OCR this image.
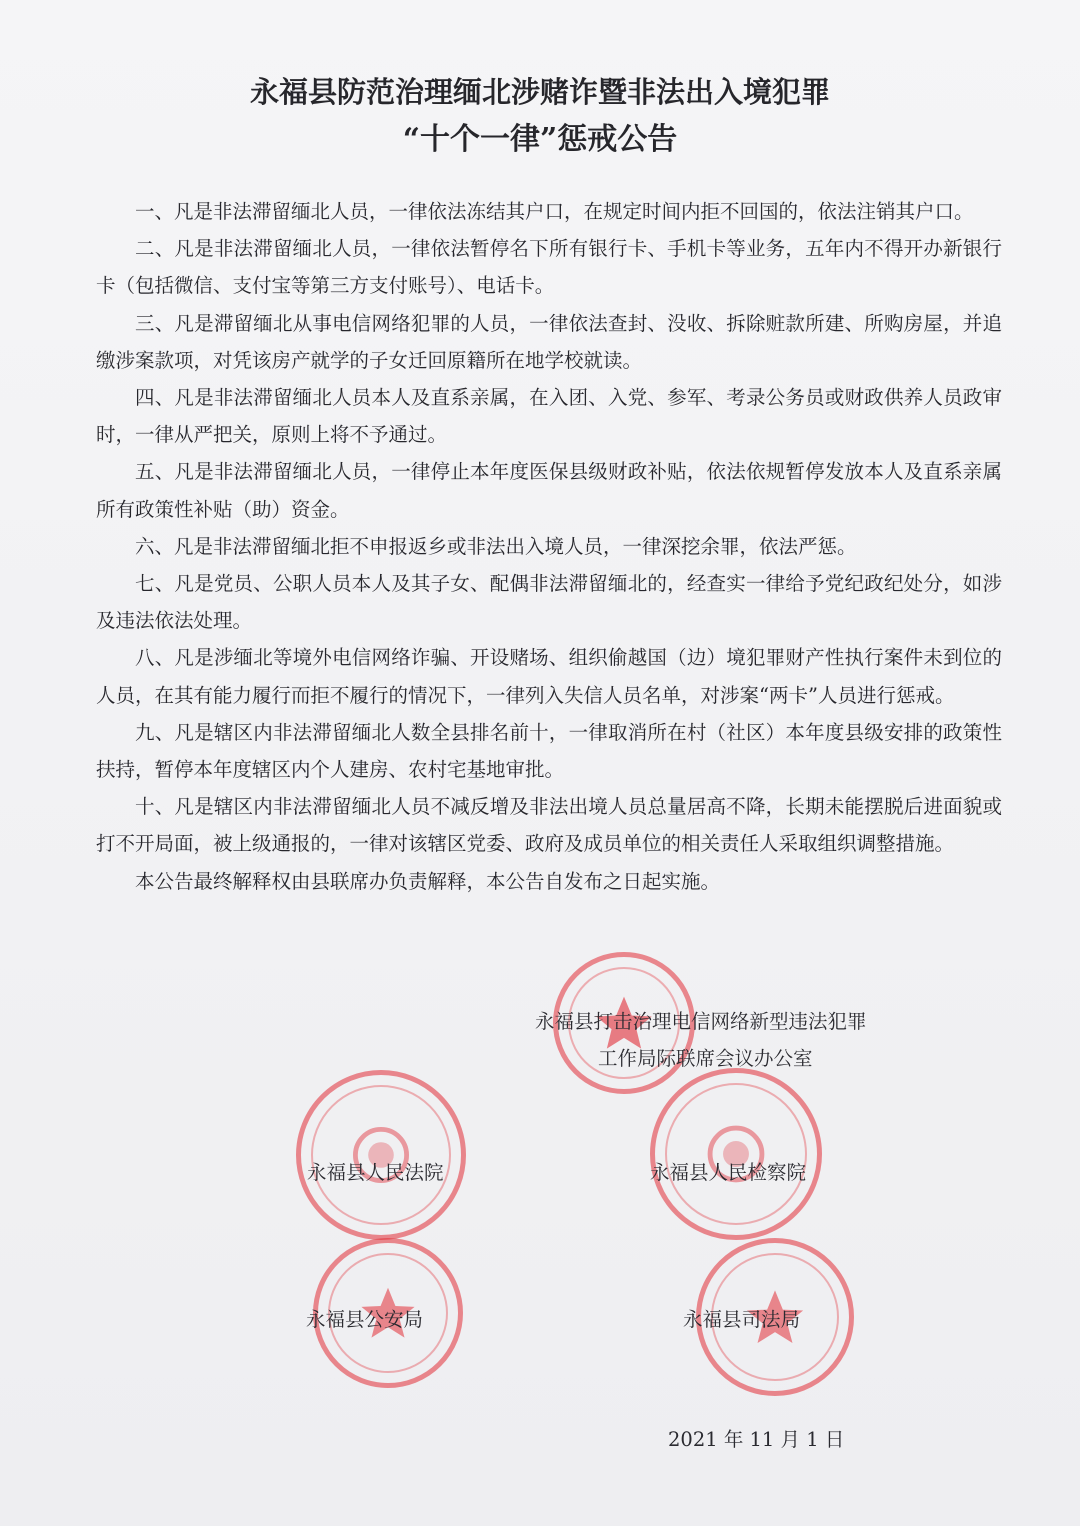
永福县防范治理缅北涉赌诈暨非法出入境犯罪
“十个一律”惩戒公告

一、凡是非法滞留缅北人员，一律依法冻结其户口，在规定时间内拒不回国的，依法注销其户口。

二、凡是非法滞留缅北人员，一律依法暂停名下所有银行卡、手机卡等业务，五年内不得开办新银行卡（包括微信、支付宝等第三方支付账号）、电话卡。

三、凡是滞留缅北从事电信网络犯罪的人员，一律依法查封、没收、拆除赃款所建、所购房屋，并追缴涉案款项，对凭该房产就学的子女迁回原籍所在地学校就读。

四、凡是非法滞留缅北人员本人及直系亲属，在入团、入党、参军、考录公务员或财政供养人员政审时，一律从严把关，原则上将不予通过。

五、凡是非法滞留缅北人员，一律停止本年度医保县级财政补贴，依法依规暂停发放本人及直系亲属所有政策性补贴（助）资金。

六、凡是非法滞留缅北拒不申报返乡或非法出入境人员，一律深挖余罪，依法严惩。

七、凡是党员、公职人员本人及其子女、配偶非法滞留缅北的，经查实一律给予党纪政纪处分，如涉及违法依法处理。

八、凡是涉缅北等境外电信网络诈骗、开设赌场、组织偷越国（边）境犯罪财产性执行案件未到位的人员，在其有能力履行而拒不履行的情况下，一律列入失信人员名单，对涉案“两卡”人员进行惩戒。

九、凡是辖区内非法滞留缅北人数全县排名前十，一律取消所在村（社区）本年度县级安排的政策性扶持，暂停本年度辖区内个人建房、农村宅基地审批。

十、凡是辖区内非法滞留缅北人员不减反增及非法出境人员总量居高不降，长期未能摆脱后进面貌或打不开局面，被上级通报的，一律对该辖区党委、政府及成员单位的相关责任人采取组织调整措施。

本公告最终解释权由县联席办负责解释，本公告自发布之日起实施。

永福县打击治理电信网络新型违法犯罪
工作局际联席会议办公室
永福县人民法院	永福县人民检察院
永福县公安局	永福县司法局
2021 年 11 月 1 日
